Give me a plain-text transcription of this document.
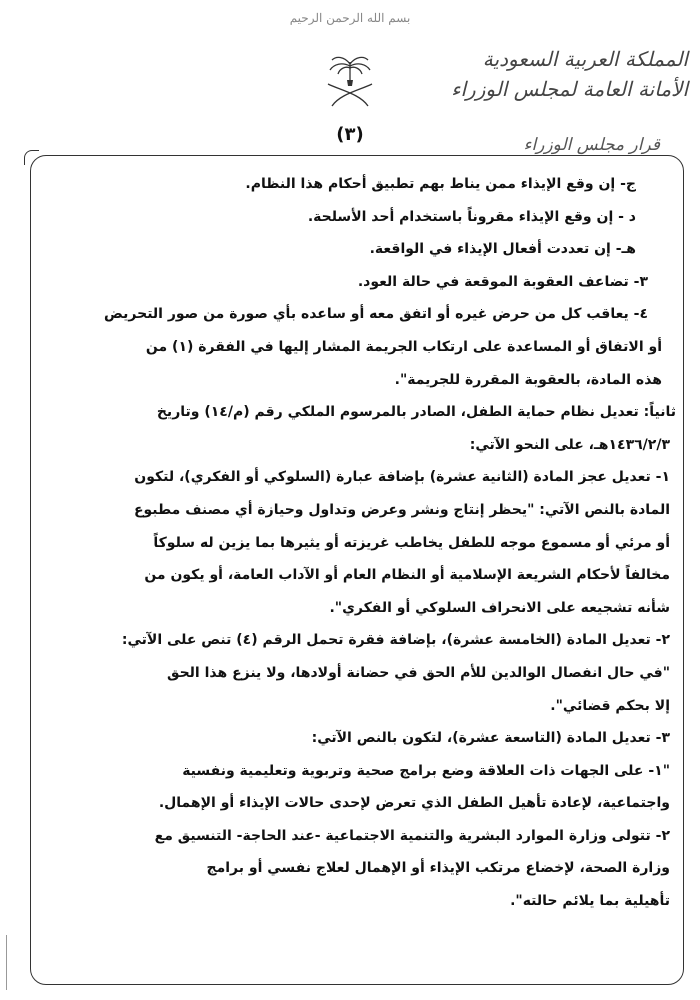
بسم الله الرحمن الرحيم
المملكة العربية السعودية
الأمانة العامة لمجلس الوزراء
قرار مجلس الوزراء
(٣)
ج- إن وقع الإيذاء ممن يناط بهم تطبيق أحكام هذا النظام.
د - إن وقع الإيذاء مقروناً باستخدام أحد الأسلحة.
هـ- إن تعددت أفعال الإيذاء في الواقعة.
٣- تضاعف العقوبة الموقعة في حالة العود.
٤- يعاقب كل من حرض غيره أو اتفق معه أو ساعده بأي صورة من صور التحريض
أو الاتفاق أو المساعدة على ارتكاب الجريمة المشار إليها في الفقرة (١) من
هذه المادة، بالعقوبة المقررة للجريمة".
ثانياً: تعديل نظام حماية الطفل، الصادر بالمرسوم الملكي رقم (م/١٤) وتاريخ
١٤٣٦/٢/٣هـ، على النحو الآتي:
١- تعديل عجز المادة (الثانية عشرة) بإضافة عبارة (السلوكي أو الفكري)، لتكون
المادة بالنص الآتي: "يحظر إنتاج ونشر وعرض وتداول وحيازة أي مصنف مطبوع
أو مرئي أو مسموع موجه للطفل يخاطب غريزته أو يثيرها بما يزين له سلوكاً
مخالفاً لأحكام الشريعة الإسلامية أو النظام العام أو الآداب العامة، أو يكون من
شأنه تشجيعه على الانحراف السلوكي أو الفكري".
٢- تعديل المادة (الخامسة عشرة)، بإضافة فقرة تحمل الرقم (٤) تنص على الآتي:
"في حال انفصال الوالدين للأم الحق في حضانة أولادها، ولا ينزع هذا الحق
إلا بحكم قضائي".
٣- تعديل المادة (التاسعة عشرة)، لتكون بالنص الآتي:
"١- على الجهات ذات العلاقة وضع برامج صحية وتربوية وتعليمية ونفسية
واجتماعية، لإعادة تأهيل الطفل الذي تعرض لإحدى حالات الإيذاء أو الإهمال.
٢- تتولى وزارة الموارد البشرية والتنمية الاجتماعية -عند الحاجة- التنسيق مع
وزارة الصحة، لإخضاع مرتكب الإيذاء أو الإهمال لعلاج نفسي أو برامج
تأهيلية بما يلائم حالته".
